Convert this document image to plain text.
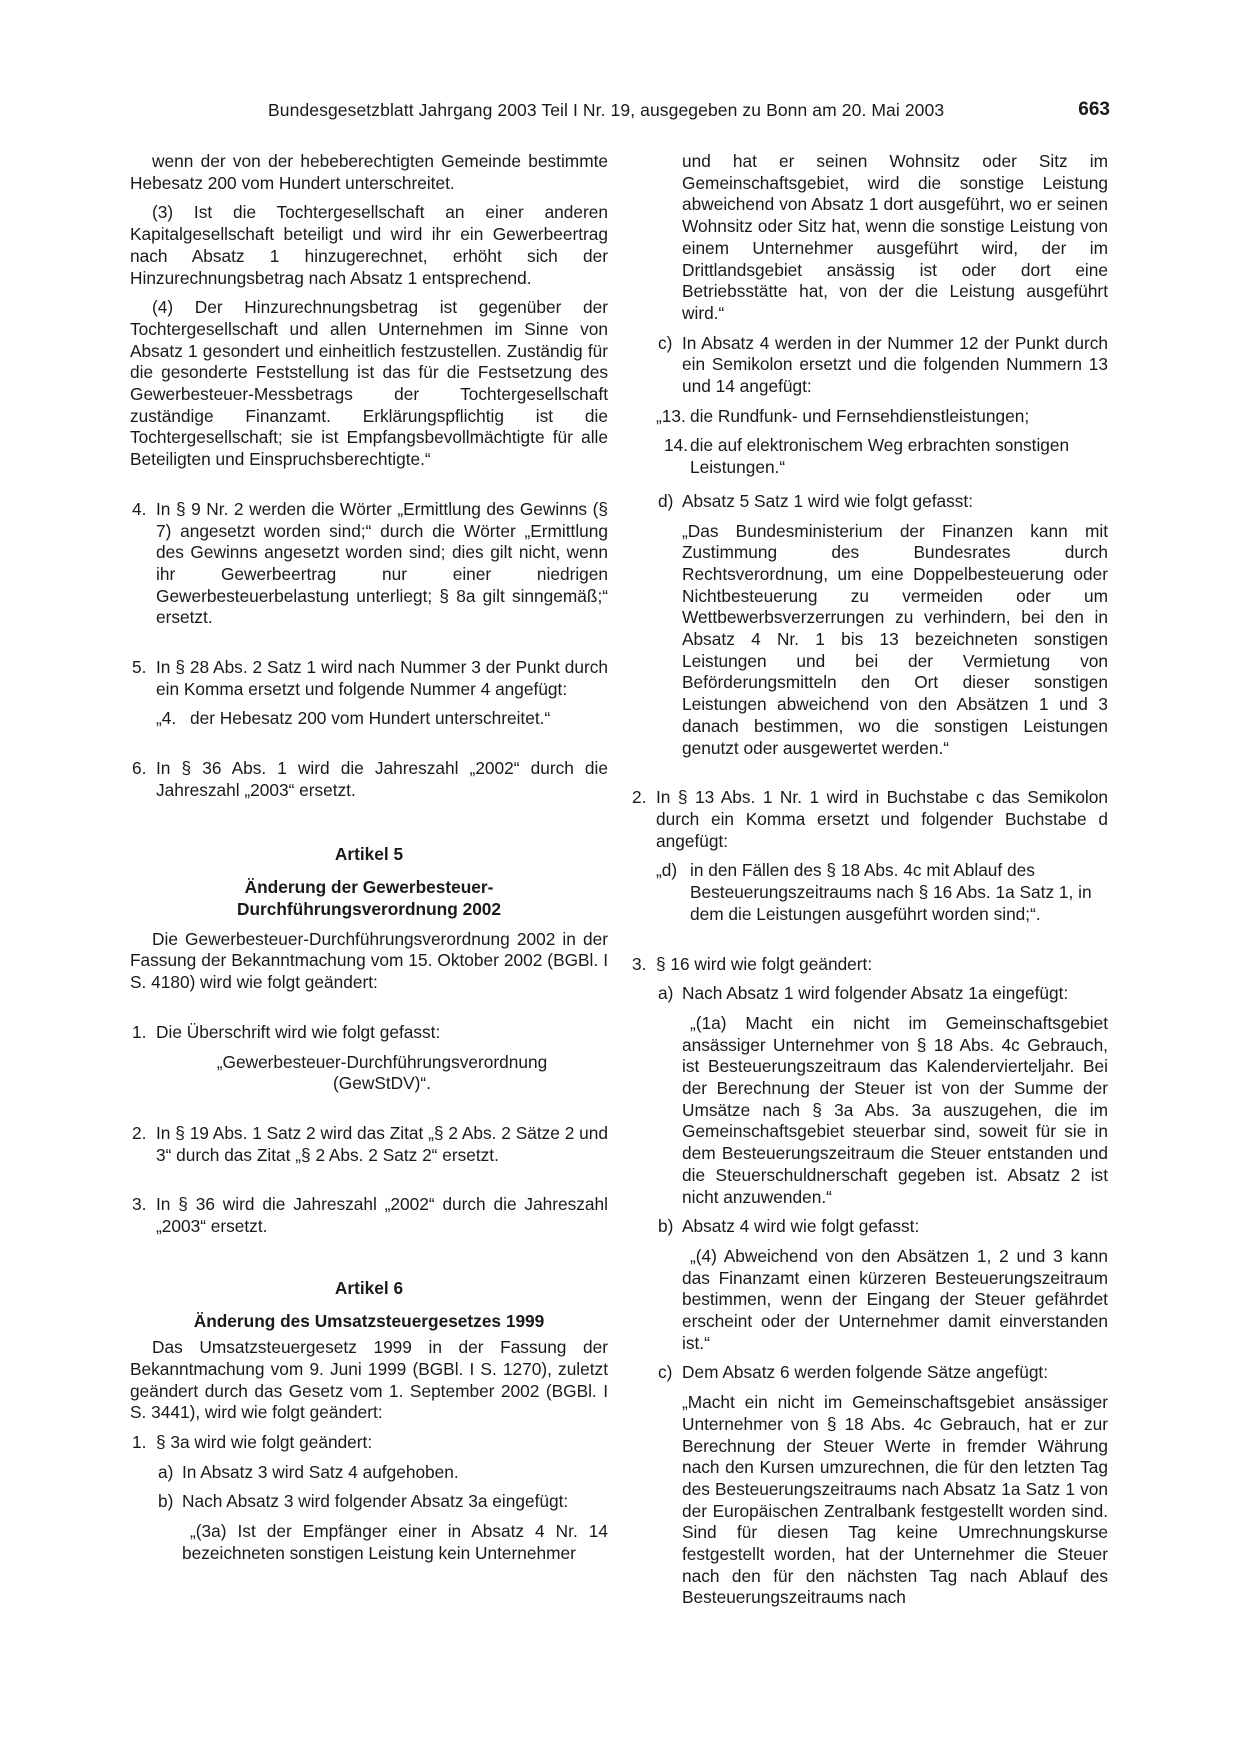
Bundesgesetzblatt Jahrgang 2003 Teil I Nr. 19, ausgegeben zu Bonn am 20. Mai 2003	663

wenn der von der hebeberechtigten Gemeinde bestimmte Hebesatz 200 vom Hundert unterschreitet.

(3) Ist die Tochtergesellschaft an einer anderen Kapitalgesellschaft beteiligt und wird ihr ein Gewerbeertrag nach Absatz 1 hinzugerechnet, erhöht sich der Hinzurechnungsbetrag nach Absatz 1 entsprechend.

(4) Der Hinzurechnungsbetrag ist gegenüber der Tochtergesellschaft und allen Unternehmen im Sinne von Absatz 1 gesondert und einheitlich festzustellen. Zuständig für die gesonderte Feststellung ist das für die Festsetzung des Gewerbesteuer-Messbetrags der Tochtergesellschaft zuständige Finanzamt. Erklärungspflichtig ist die Tochtergesellschaft; sie ist Empfangsbevollmächtigte für alle Beteiligten und Einspruchsberechtigte.“

4. In § 9 Nr. 2 werden die Wörter „Ermittlung des Gewinns (§ 7) angesetzt worden sind;“ durch die Wörter „Ermittlung des Gewinns angesetzt worden sind; dies gilt nicht, wenn ihr Gewerbeertrag nur einer niedrigen Gewerbesteuerbelastung unterliegt; § 8a gilt sinngemäß;“ ersetzt.
5. In § 28 Abs. 2 Satz 1 wird nach Nummer 3 der Punkt durch ein Komma ersetzt und folgende Nummer 4 angefügt:
„4. der Hebesatz 200 vom Hundert unterschreitet.“
6. In § 36 Abs. 1 wird die Jahreszahl „2002“ durch die Jahreszahl „2003“ ersetzt.

Artikel 5

Änderung der Gewerbesteuer-

Durchführungsverordnung 2002

Die Gewerbesteuer-Durchführungsverordnung 2002 in der Fassung der Bekanntmachung vom 15. Oktober 2002 (BGBl. I S. 4180) wird wie folgt geändert:

1. Die Überschrift wird wie folgt gefasst:

„Gewerbesteuer-Durchführungsverordnung

(GewStDV)“.

2. In § 19 Abs. 1 Satz 2 wird das Zitat „§ 2 Abs. 2 Sätze 2 und 3“ durch das Zitat „§ 2 Abs. 2 Satz 2“ ersetzt.
3. In § 36 wird die Jahreszahl „2002“ durch die Jahreszahl „2003“ ersetzt.

Artikel 6

Änderung des Umsatzsteuergesetzes 1999

Das Umsatzsteuergesetz 1999 in der Fassung der Bekanntmachung vom 9. Juni 1999 (BGBl. I S. 1270), zuletzt geändert durch das Gesetz vom 1. September 2002 (BGBl. I S. 3441), wird wie folgt geändert:

1. § 3a wird wie folgt geändert:
a) In Absatz 3 wird Satz 4 aufgehoben.
b) Nach Absatz 3 wird folgender Absatz 3a eingefügt:

„(3a) Ist der Empfänger einer in Absatz 4 Nr. 14 bezeichneten sonstigen Leistung kein Unternehmer

und hat er seinen Wohnsitz oder Sitz im Gemeinschaftsgebiet, wird die sonstige Leistung abweichend von Absatz 1 dort ausgeführt, wo er seinen Wohnsitz oder Sitz hat, wenn die sonstige Leistung von einem Unternehmer ausgeführt wird, der im Drittlandsgebiet ansässig ist oder dort eine Betriebsstätte hat, von der die Leistung ausgeführt wird.“

c) In Absatz 4 werden in der Nummer 12 der Punkt durch ein Semikolon ersetzt und die folgenden Nummern 13 und 14 angefügt:
„13. die Rundfunk- und Fernsehdienstleistungen;
14. die auf elektronischem Weg erbrachten sonstigen Leistungen.“
d) Absatz 5 Satz 1 wird wie folgt gefasst:

„Das Bundesministerium der Finanzen kann mit Zustimmung des Bundesrates durch Rechtsverordnung, um eine Doppelbesteuerung oder Nichtbesteuerung zu vermeiden oder um Wettbewerbsverzerrungen zu verhindern, bei den in Absatz 4 Nr. 1 bis 13 bezeichneten sonstigen Leistungen und bei der Vermietung von Beförderungsmitteln den Ort dieser sonstigen Leistungen abweichend von den Absätzen 1 und 3 danach bestimmen, wo die sonstigen Leistungen genutzt oder ausgewertet werden.“

2. In § 13 Abs. 1 Nr. 1 wird in Buchstabe c das Semikolon durch ein Komma ersetzt und folgender Buchstabe d angefügt:
„d) in den Fällen des § 18 Abs. 4c mit Ablauf des Besteuerungszeitraums nach § 16 Abs. 1a Satz 1, in dem die Leistungen ausgeführt worden sind;“.
3. § 16 wird wie folgt geändert:
a) Nach Absatz 1 wird folgender Absatz 1a eingefügt:

„(1a) Macht ein nicht im Gemeinschaftsgebiet ansässiger Unternehmer von § 18 Abs. 4c Gebrauch, ist Besteuerungszeitraum das Kalendervierteljahr. Bei der Berechnung der Steuer ist von der Summe der Umsätze nach § 3a Abs. 3a auszugehen, die im Gemeinschaftsgebiet steuerbar sind, soweit für sie in dem Besteuerungszeitraum die Steuer entstanden und die Steuerschuldnerschaft gegeben ist. Absatz 2 ist nicht anzuwenden.“

b) Absatz 4 wird wie folgt gefasst:

„(4) Abweichend von den Absätzen 1, 2 und 3 kann das Finanzamt einen kürzeren Besteuerungszeitraum bestimmen, wenn der Eingang der Steuer gefährdet erscheint oder der Unternehmer damit einverstanden ist.“

c) Dem Absatz 6 werden folgende Sätze angefügt:

„Macht ein nicht im Gemeinschaftsgebiet ansässiger Unternehmer von § 18 Abs. 4c Gebrauch, hat er zur Berechnung der Steuer Werte in fremder Währung nach den Kursen umzurechnen, die für den letzten Tag des Besteuerungszeitraums nach Absatz 1a Satz 1 von der Europäischen Zentralbank festgestellt worden sind. Sind für diesen Tag keine Umrechnungskurse festgestellt worden, hat der Unternehmer die Steuer nach den für den nächsten Tag nach Ablauf des Besteuerungszeitraums nach
